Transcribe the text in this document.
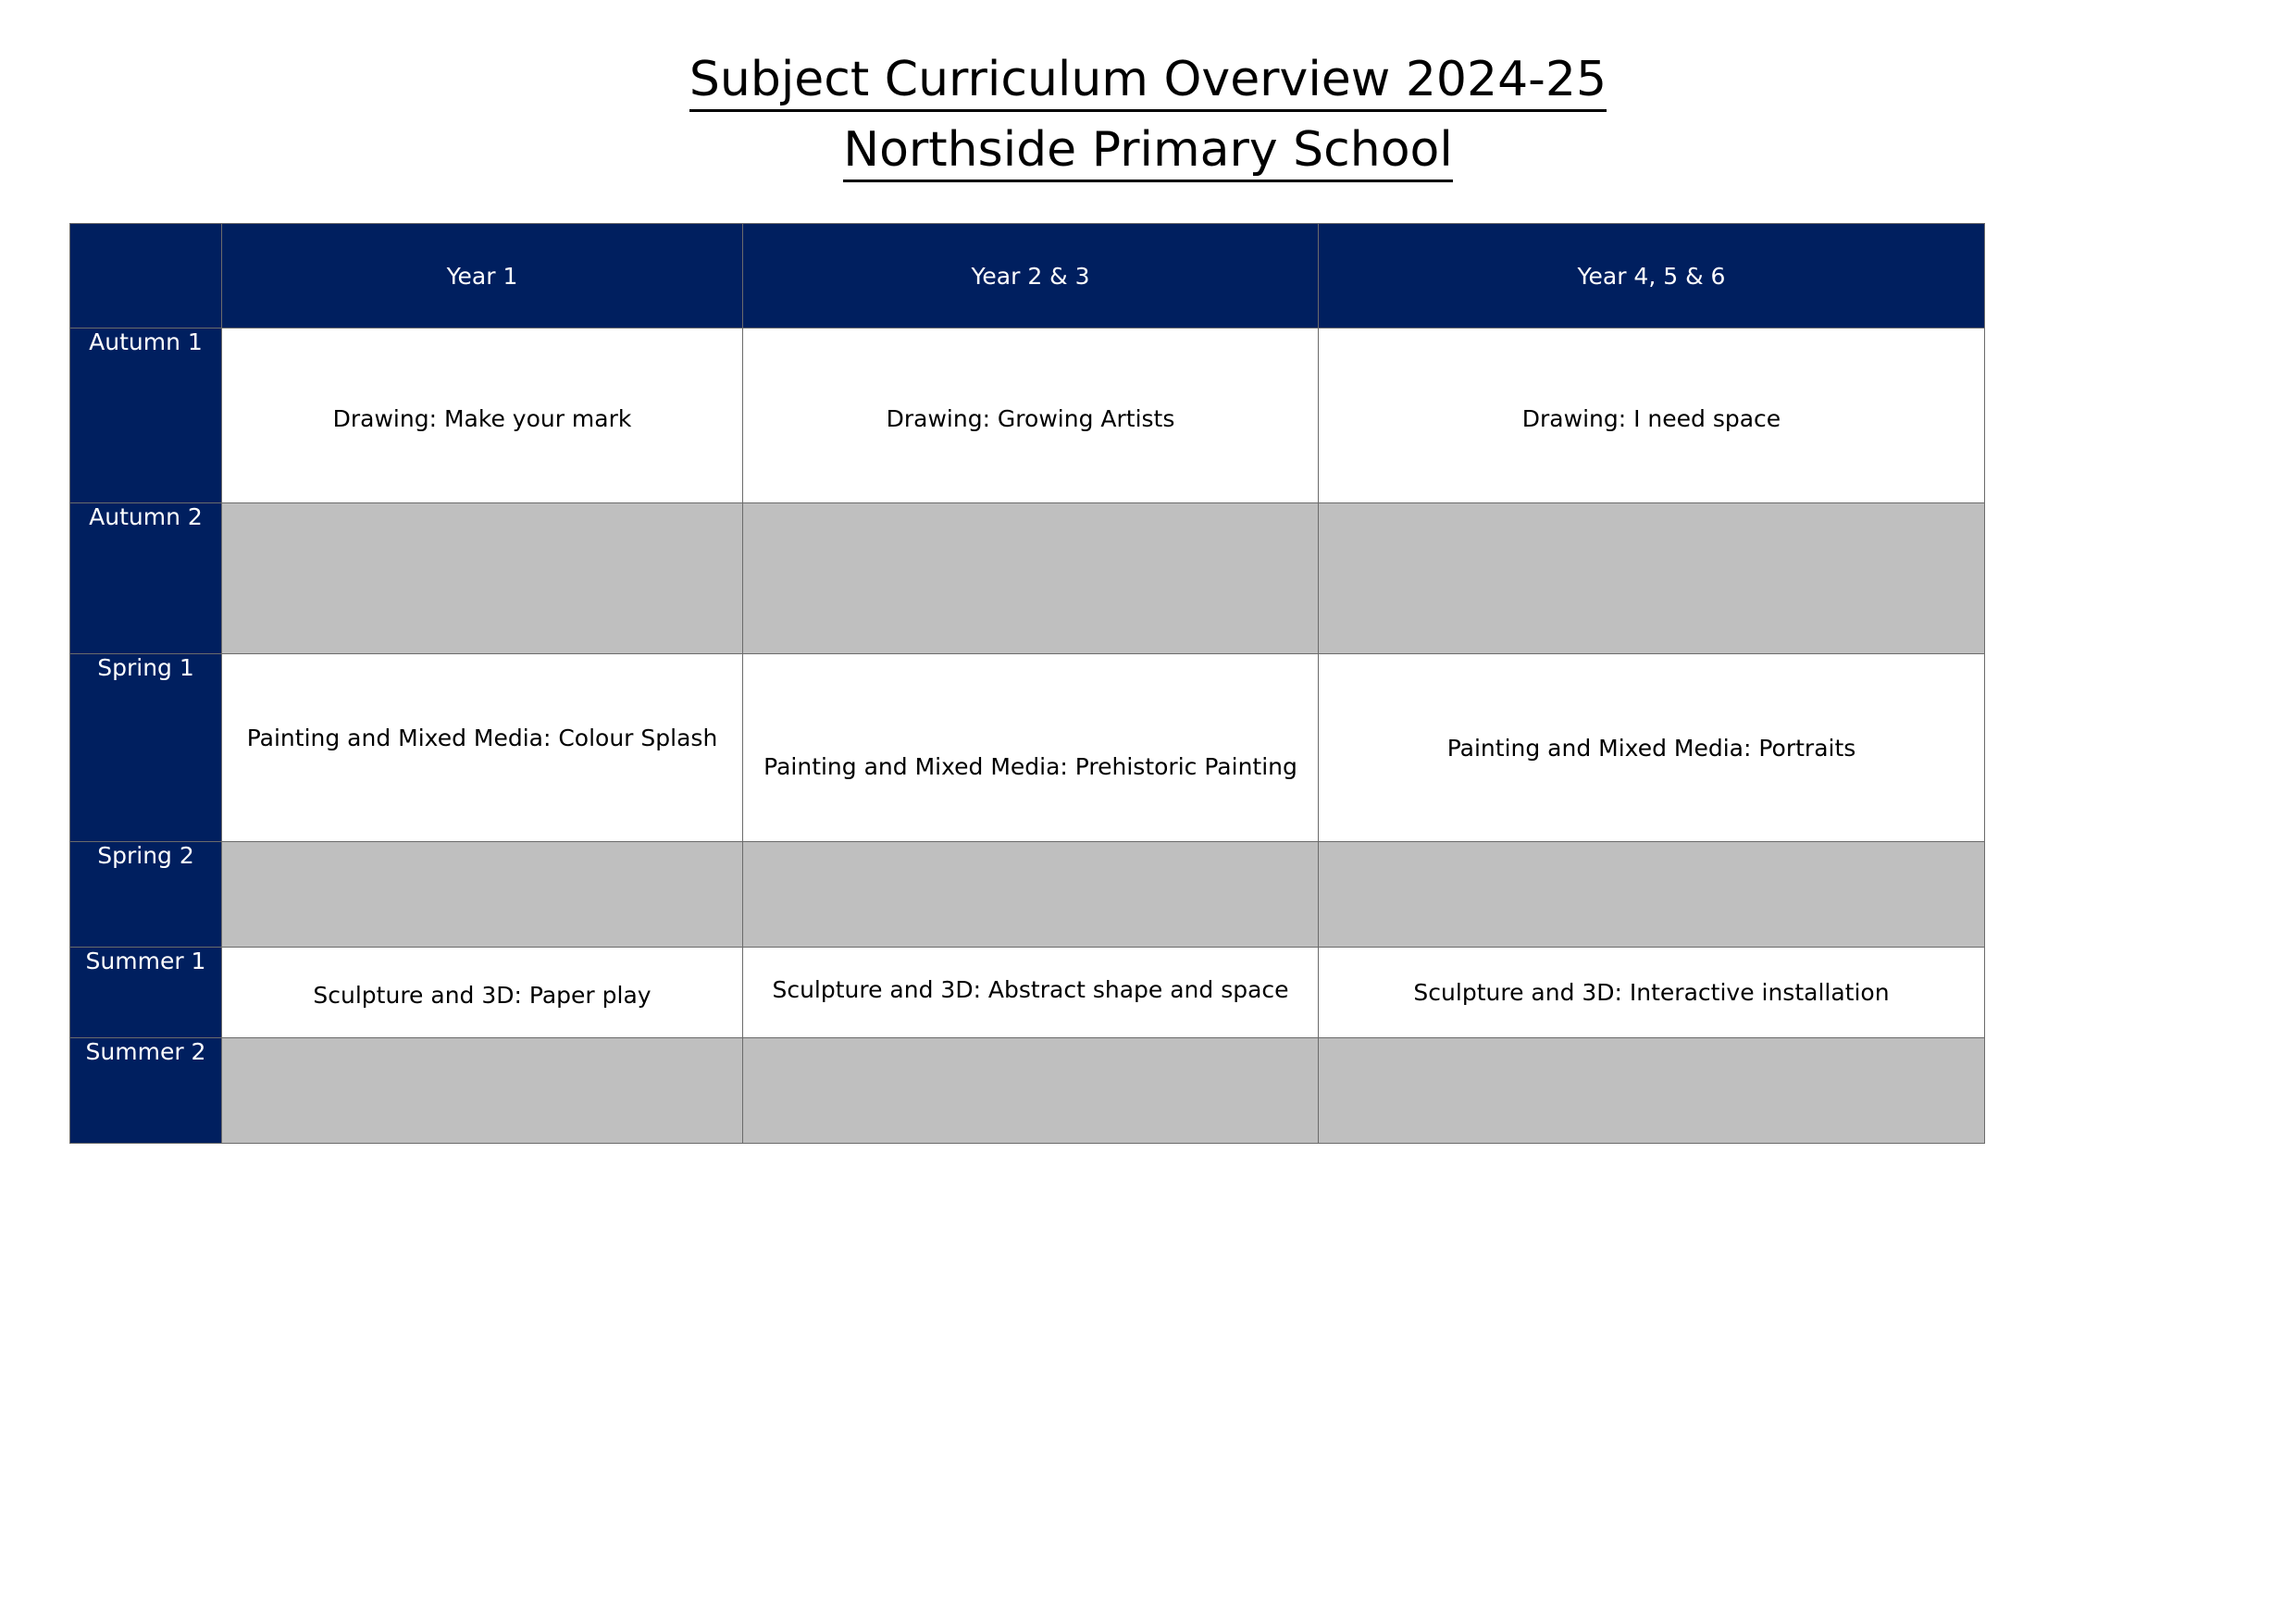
Subject Curriculum Overview 2024-25

Northside Primary School

	Year 1	Year 2 & 3	Year 4, 5 & 6
Autumn 1	Drawing: Make your mark	Drawing: Growing Artists	Drawing: I need space
Autumn 2			
Spring 1	Painting and Mixed Media: Colour Splash	Painting and Mixed Media: Prehistoric Painting	Painting and Mixed Media: Portraits
Spring 2			
Summer 1	Sculpture and 3D: Paper play	Sculpture and 3D: Abstract shape and space	Sculpture and 3D: Interactive installation
Summer 2			
